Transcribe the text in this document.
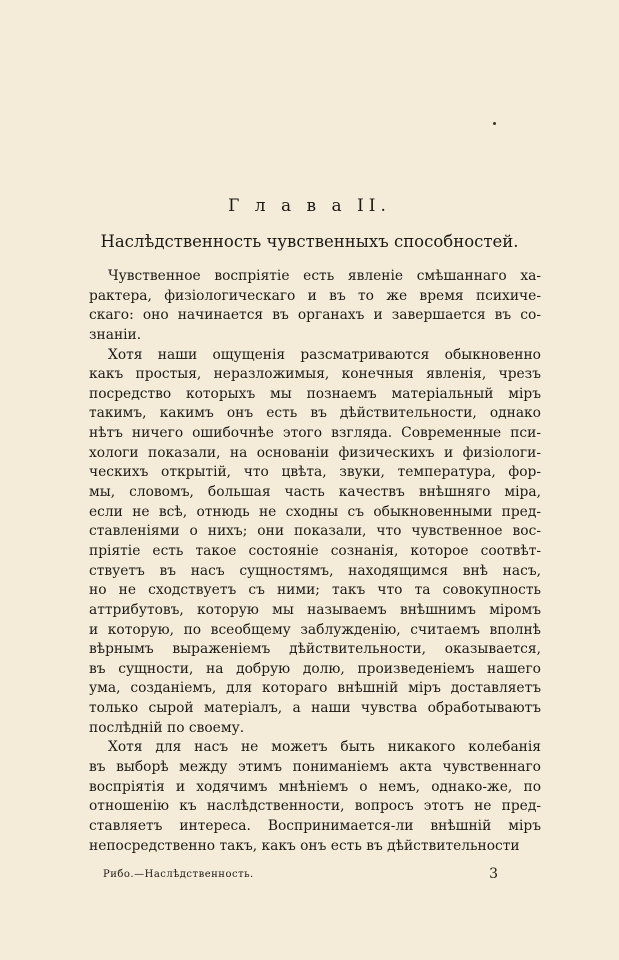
Г л а в а II.
Наслѣдственность чувственныхъ способностей.
Чувственное воспріятіе есть явленіе смѣшаннаго ха-
рактера, физіологическаго и въ то же время психиче-
скаго: оно начинается въ органахъ и завершается въ со-
знаніи.
Хотя наши ощущенія разсматриваются обыкновенно
какъ простыя, неразложимыя, конечныя явленія, чрезъ
посредство которыхъ мы познаемъ матеріальный міръ
такимъ, какимъ онъ есть въ дѣйствительности, однако
нѣтъ ничего ошибочнѣе этого взгляда. Современные пси-
хологи показали, на основаніи физическихъ и физіологи-
ческихъ открытій, что цвѣта, звуки, температура, фор-
мы, словомъ, большая часть качествъ внѣшняго міра,
если не всѣ, отнюдь не сходны съ обыкновенными пред-
ставленіями о нихъ; они показали, что чувственное вос-
пріятіе есть такое состояніе сознанія, которое соотвѣт-
ствуетъ въ насъ сущностямъ, находящимся внѣ насъ,
но не сходствуетъ съ ними; такъ что та совокупность
аттрибутовъ, которую мы называемъ внѣшнимъ міромъ
и которую, по всеобщему заблужденію, считаемъ вполнѣ
вѣрнымъ выраженіемъ дѣйствительности, оказывается,
въ сущности, на добрую долю, произведеніемъ нашего
ума, созданіемъ, для котораго внѣшній міръ доставляетъ
только сырой матеріалъ, а наши чувства обработываютъ
послѣдній по своему.
Хотя для насъ не можетъ быть никакого колебанія
въ выборѣ между этимъ пониманіемъ акта чувственнаго
воспріятія и ходячимъ мнѣніемъ о немъ, однако-же, по
отношенію къ наслѣдственности, вопросъ этотъ не пред-
ставляетъ интереса. Воспринимается-ли внѣшній міръ
непосредственно такъ, какъ онъ есть въ дѣйствительности
Рибо.—Наслѣдственность.	3
